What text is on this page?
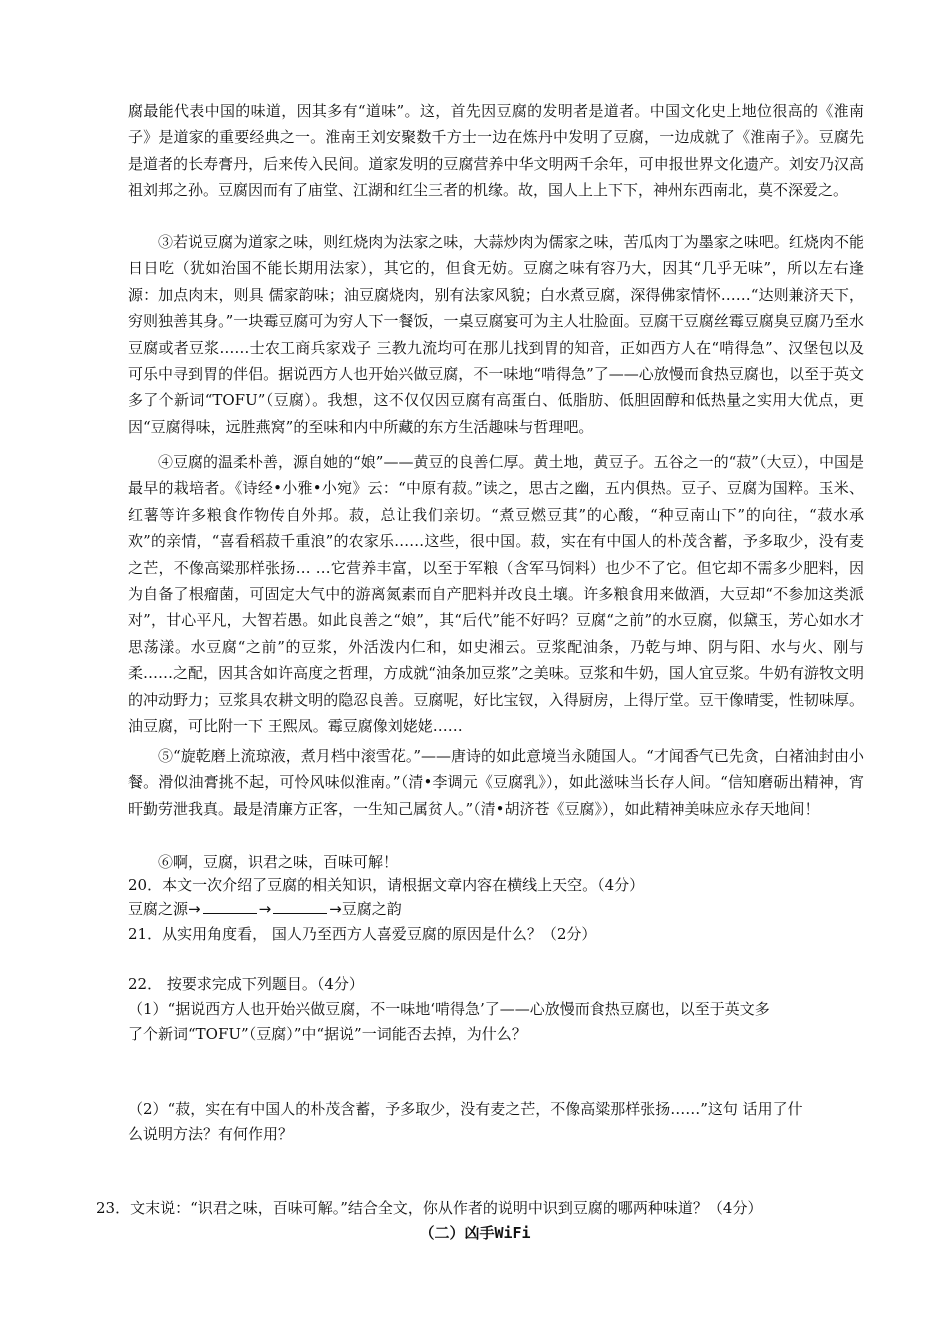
腐最能代表中国的味道，因其多有“道味”。这，首先因豆腐的发明者是道者。中国文化史上地位很高的《淮南子》是道家的重要经典之一。淮南王刘安聚数千方士一边在炼丹中发明了豆腐，一边成就了《淮南子》。豆腐先是道者的长寿膏丹，后来传入民间。道家发明的豆腐营养中华文明两千余年，可申报世界文化遗产。刘安乃汉高祖刘邦之孙。豆腐因而有了庙堂、江湖和红尘三者的机缘。故，国人上上下下，神州东西南北，莫不深爱之。

③若说豆腐为道家之味，则红烧肉为法家之味，大蒜炒肉为儒家之味，苦瓜肉丁为墨家之味吧。红烧肉不能日日吃（犹如治国不能长期用法家），其它的，但食无妨。豆腐之味有容乃大，因其“几乎无味”，所以左右逢源：加点肉末，则具 儒家韵味；油豆腐烧肉，别有法家风貌；白水煮豆腐，深得佛家情怀……“达则兼济天下，穷则独善其身。”一块霉豆腐可为穷人下一餐饭，一桌豆腐宴可为主人壮脸面。豆腐干豆腐丝霉豆腐臭豆腐乃至水豆腐或者豆浆……士农工商兵家戏子 三教九流均可在那儿找到胃的知音，正如西方人在“啃得急”、汉堡包以及可乐中寻到胃的伴侣。据说西方人也开始兴做豆腐，不一味地“啃得急”了——心放慢而食热豆腐也，以至于英文多了个新词“TOFU”（豆腐）。我想，这不仅仅因豆腐有高蛋白、低脂肪、低胆固醇和低热量之实用大优点，更因“豆腐得味，远胜燕窝”的至味和内中所藏的东方生活趣味与哲理吧。

④豆腐的温柔朴善，源自她的“娘”——黄豆的良善仁厚。黄土地，黄豆子。五谷之一的“菽”（大豆），中国是最早的栽培者。《诗经•小雅•小宛》云：“中原有菽。”读之，思古之幽，五内俱热。豆子、豆腐为国粹。玉米、红薯等许多粮食作物传自外邦。菽，总让我们亲切。“煮豆燃豆萁”的心酸，“种豆南山下”的向往，“菽水承欢”的亲情，“喜看稻菽千重浪”的农家乐……这些，很中国。菽，实在有中国人的朴茂含蓄，予多取少，没有麦之芒，不像高粱那样张扬… …它营养丰富，以至于军粮（含军马饲料）也少不了它。但它却不需多少肥料，因为自备了根瘤菌，可固定大气中的游离氮素而自产肥料并改良土壤。许多粮食用来做酒，大豆却“不参加这类派对”，甘心平凡，大智若愚。如此良善之“娘”，其“后代”能不好吗？豆腐“之前”的水豆腐，似黛玉，芳心如水才思荡漾。水豆腐“之前”的豆浆，外活泼内仁和，如史湘云。豆浆配油条，乃乾与坤、阴与阳、水与火、刚与柔……之配，因其含如许高度之哲理，方成就“油条加豆浆”之美味。豆浆和牛奶，国人宜豆浆。牛奶有游牧文明的冲动野力；豆浆具农耕文明的隐忍良善。豆腐呢，好比宝钗，入得厨房，上得厅堂。豆干像晴雯，性韧味厚。油豆腐，可比附一下 王熙凤。霉豆腐像刘姥姥……

⑤“旋乾磨上流琼液，煮月档中滚雪花。”——唐诗的如此意境当永随国人。“才闻香气已先贪，白褚油封由小餐。滑似油膏挑不起，可怜风味似淮南。”（清•李调元《豆腐乳》），如此滋味当长存人间。“信知磨砺出精神，宵旰勤劳泄我真。最是清廉方正客，一生知己属贫人。”（清•胡济苍《豆腐》），如此精神美味应永存天地间！

⑥啊，豆腐，识君之味，百味可解！

20．本文一次介绍了豆腐的相关知识，请根据文章内容在横线上天空。（4分）

豆腐之源→	→	→豆腐之韵

21．从实用角度看， 国人乃至西方人喜爱豆腐的原因是什么？（2分）

22． 按要求完成下列题目。（4分）

（1）“据说西方人也开始兴做豆腐，不一味地‘啃得急’了——心放慢而食热豆腐也，以至于英文多

了个新词“TOFU”（豆腐）”中“据说”一词能否去掉，为什么？

（2）“菽，实在有中国人的朴茂含蓄，予多取少，没有麦之芒，不像高粱那样张扬……”这句 话用了什

么说明方法？有何作用？

23．文末说：“识君之味，百味可解。”结合全文，你从作者的说明中识到豆腐的哪两种味道？（4分）

（二）凶手WiFi
